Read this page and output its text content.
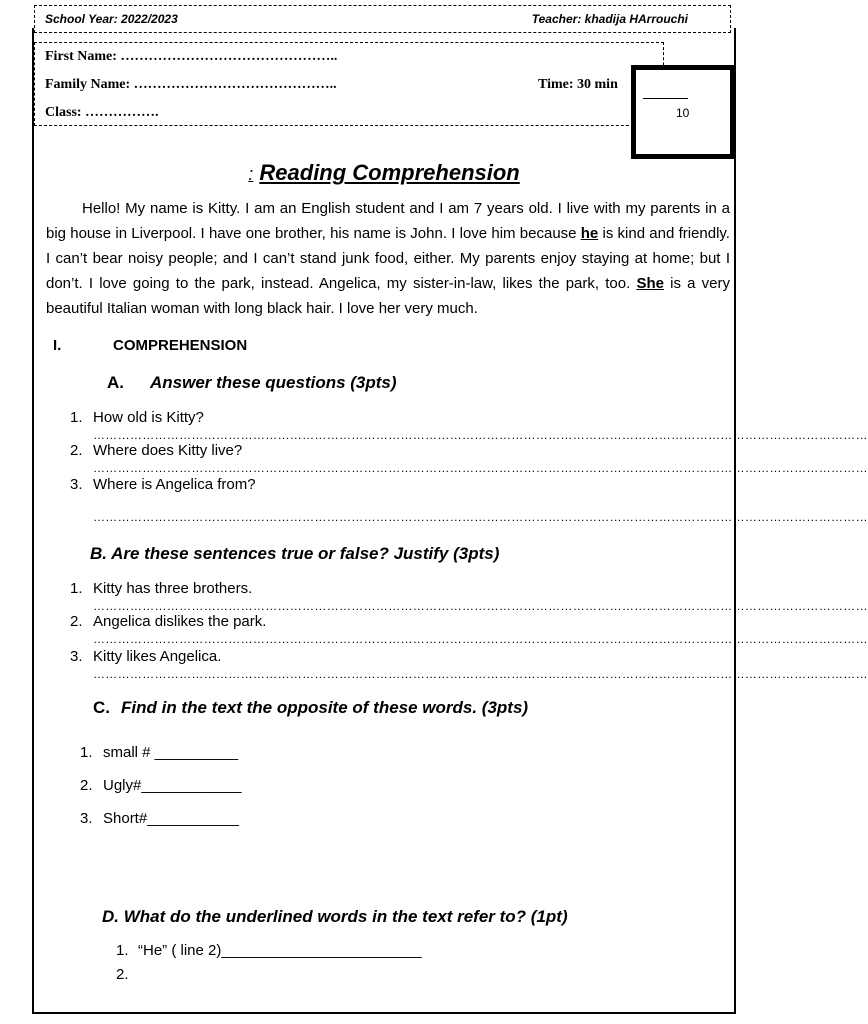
School Year: 2022/2023	Teacher: khadija HArrouchi
First Name: ………………………………………..
Family Name: ……………………………………..
Class: …………….
Time: 30 min
10
: Reading Comprehension

Hello! My name is Kitty. I am an English student and I am 7 years old. I live with my parents in a big house in Liverpool. I have one brother, his name is John. I love him because he is kind and friendly. I can’t bear noisy people; and I can’t stand junk food, either. My parents enjoy staying at home; but I don’t. I love going to the park, instead. Angelica, my sister-in-law, likes the park, too. She is a very beautiful Italian woman with long black hair. I love her very much.

I.	COMPREHENSION
A. Answer these questions (3pts)
1. How old is Kitty?
………………………………………………………………………………………………………………………………………………………………………
2. Where does Kitty live?
………………………………………………………………………………………………………………………………………………………………………
3. Where is Angelica from?
………………………………………………………………………………………………………………………………………………………………………
B. Are these sentences true or false? Justify (3pts)
1. Kitty has three brothers.
………………………………………………………………………………………………………………………………………………………………………
2. Angelica dislikes the park.
………………………………………………………………………………………………………………………………………………………………………
3. Kitty likes Angelica.
………………………………………………………………………………………………………………………………………………………………………
C. Find in the text the opposite of these words. (3pts)
1. small # __________
2. Ugly#____________
3. Short#___________
D. What do the underlined words in the text refer to? (1pt)
1. “He” ( line 2)________________________
2.
